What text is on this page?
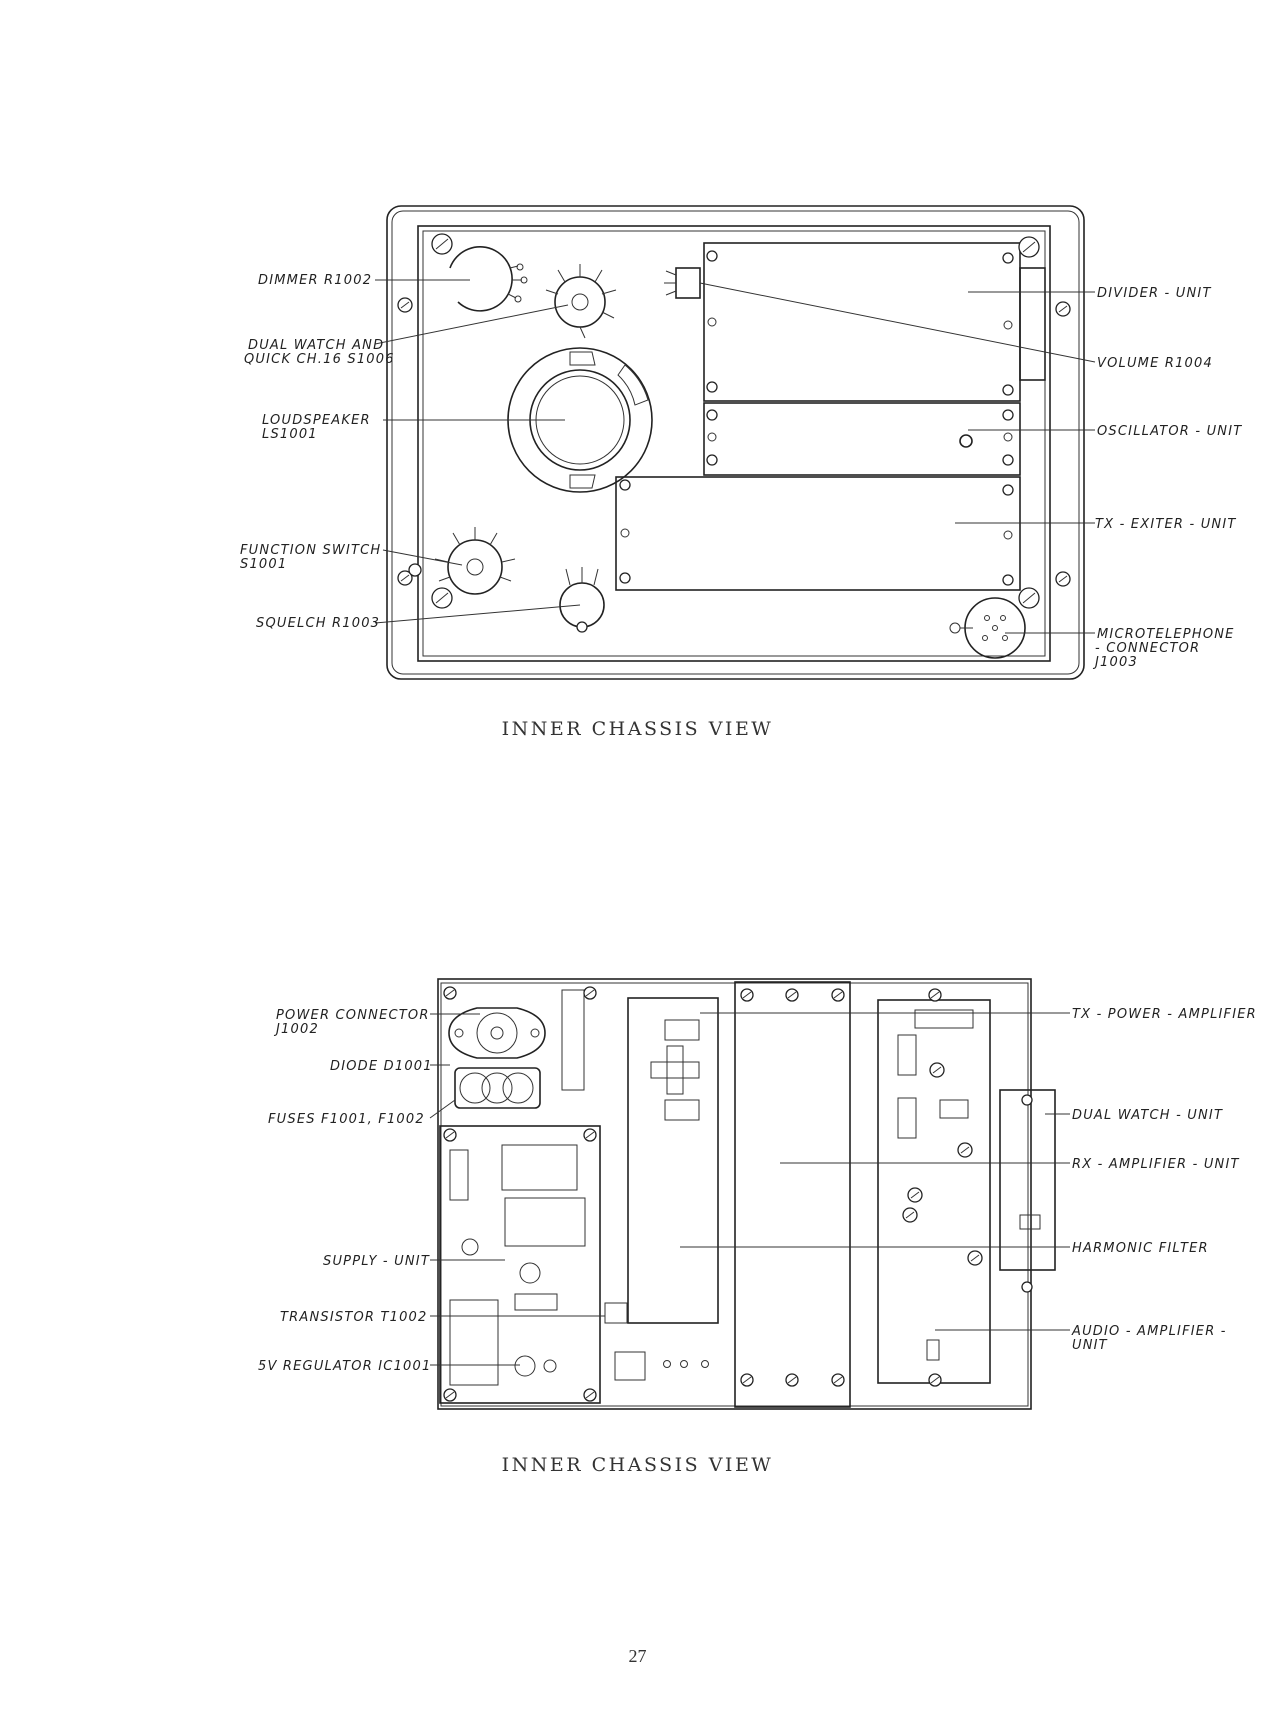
DIMMER R1002
DUAL WATCH AND
QUICK CH.16 S1006
LOUDSPEAKER
LS1001
FUNCTION SWITCH
S1001
SQUELCH R1003
DIVIDER - UNIT
VOLUME R1004
OSCILLATOR - UNIT
TX - EXITER - UNIT
MICROTELEPHONE
- CONNECTOR
J1003
INNER CHASSIS VIEW
POWER CONNECTOR
J1002
DIODE D1001
FUSES F1001, F1002
SUPPLY - UNIT
TRANSISTOR T1002
5V REGULATOR IC1001
TX - POWER - AMPLIFIER
DUAL WATCH - UNIT
RX - AMPLIFIER - UNIT
HARMONIC FILTER
AUDIO - AMPLIFIER -
UNIT
INNER CHASSIS VIEW
27
